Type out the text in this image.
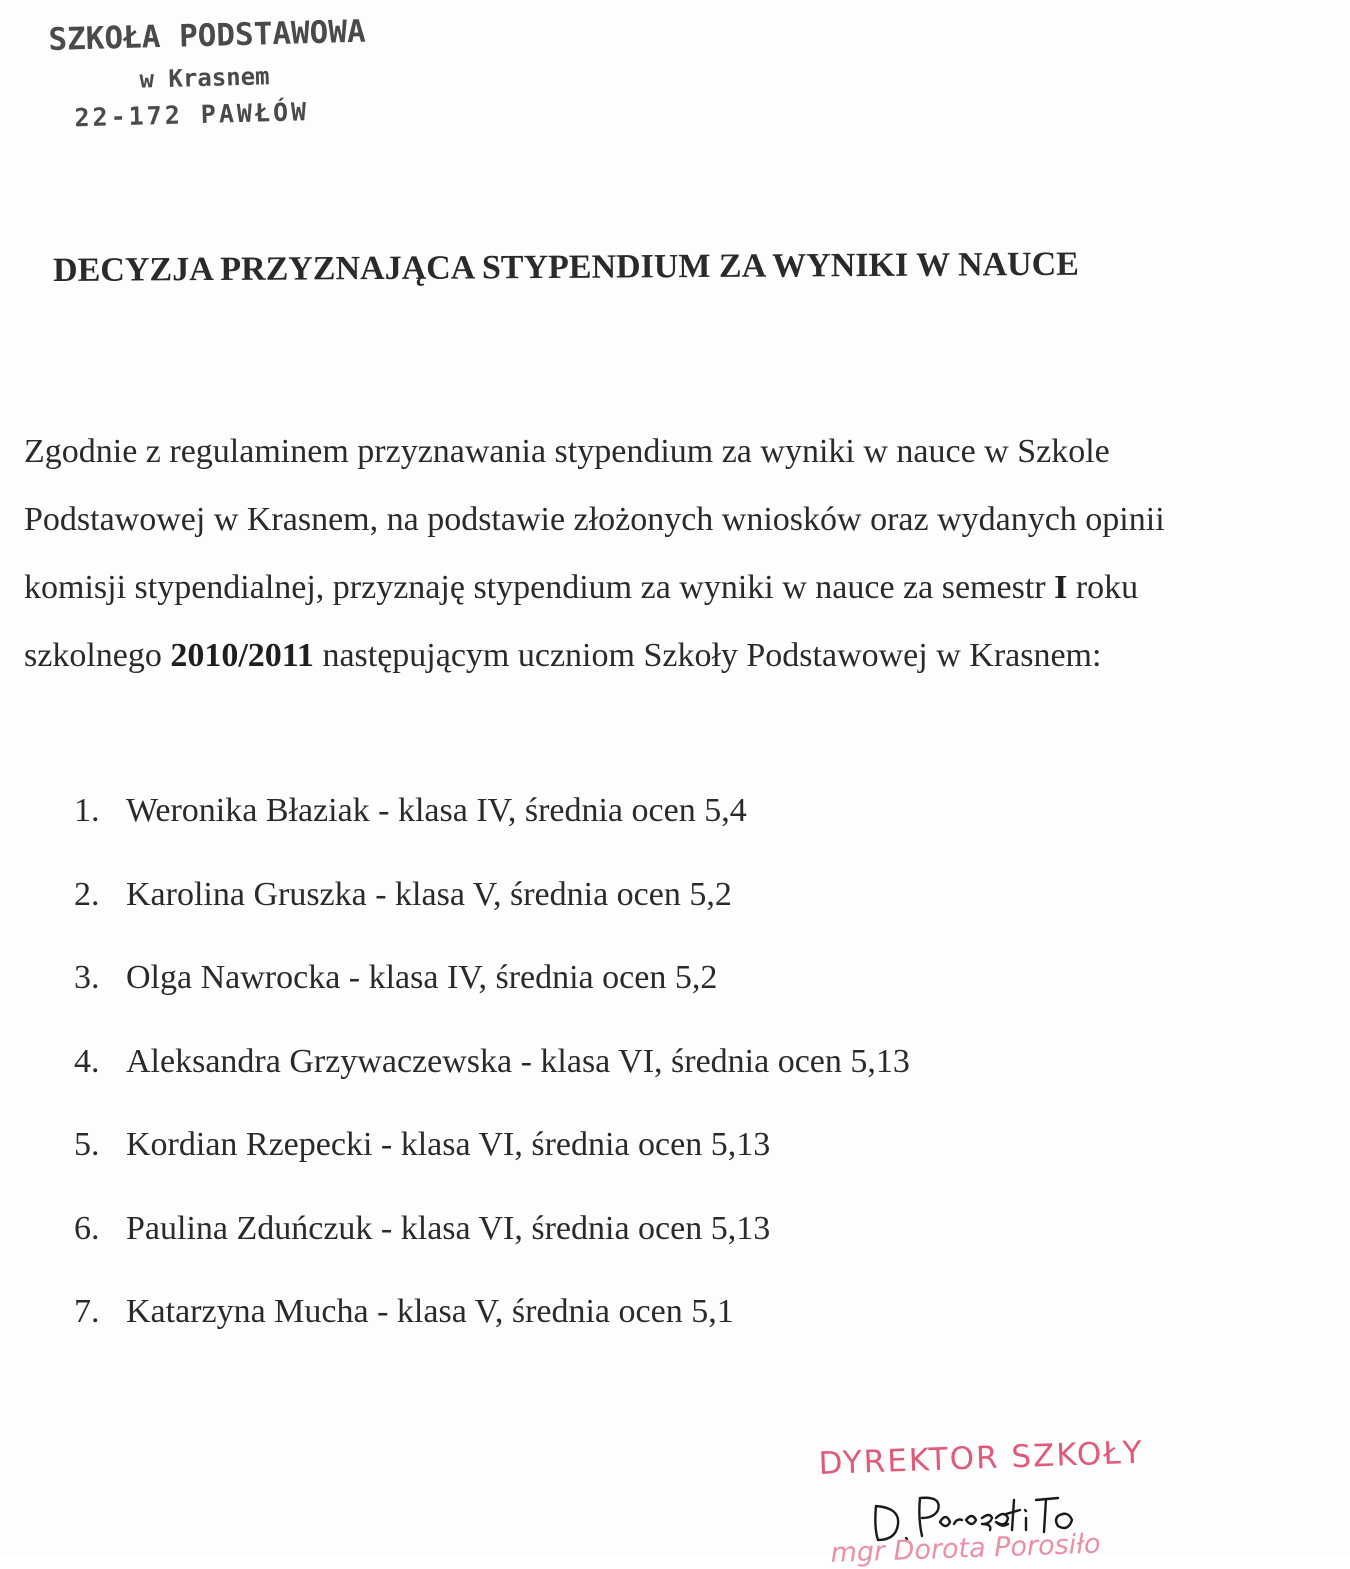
SZKOŁA PODSTAWOWA
w Krasnem
22-172 PAWŁÓW
DECYZJA PRZYZNAJĄCA STYPENDIUM ZA WYNIKI W NAUCE
Zgodnie z regulaminem przyznawania stypendium za wyniki w nauce w Szkole
Podstawowej w Krasnem, na podstawie złożonych wniosków oraz wydanych opinii
komisji stypendialnej, przyznaję stypendium za wyniki w nauce za semestr I roku
szkolnego 2010/2011 następującym uczniom Szkoły Podstawowej w Krasnem:
1. Weronika Błaziak - klasa IV, średnia ocen 5,4
2. Karolina Gruszka - klasa V, średnia ocen 5,2
3. Olga Nawrocka - klasa IV, średnia ocen 5,2
4. Aleksandra Grzywaczewska - klasa VI, średnia ocen 5,13
5. Kordian Rzepecki - klasa VI, średnia ocen 5,13
6. Paulina Zduńczuk - klasa VI, średnia ocen 5,13
7. Katarzyna Mucha - klasa V, średnia ocen 5,1
DYREKTOR SZKOŁY
mgr Dorota Porosiło
